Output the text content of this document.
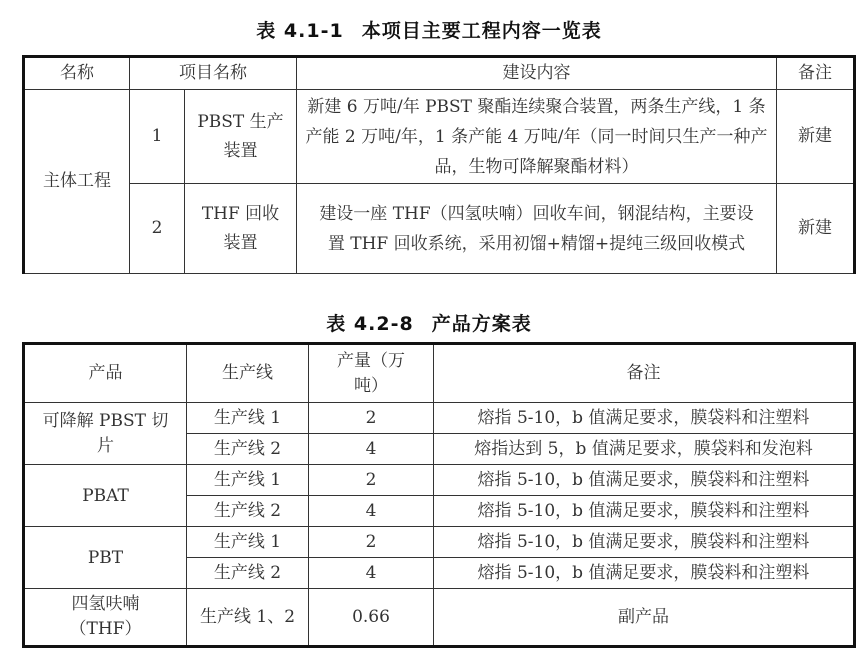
表 4.1-1 本项目主要工程内容一览表
名称	项目名称		建设内容	备注
主体工程	1	PBST 生产装置	新建 6 万吨/年 PBST 聚酯连续聚合装置，两条生产线，1 条产能 2 万吨/年，1 条产能 4 万吨/年（同一时间只生产一种产品，生物可降解聚酯材料）	新建
	2	THF 回收装置	建设一座 THF（四氢呋喃）回收车间，钢混结构，主要设置 THF 回收系统，采用初馏+精馏+提纯三级回收模式	新建
表 4.2-8 产品方案表
产品	生产线	产量（万吨）	备注
可降解 PBST 切片	生产线 1	2	熔指 5-10，b 值满足要求，膜袋料和注塑料
	生产线 2	4	熔指达到 5，b 值满足要求，膜袋料和发泡料
PBAT	生产线 1	2	熔指 5-10，b 值满足要求，膜袋料和注塑料
	生产线 2	4	熔指 5-10，b 值满足要求，膜袋料和注塑料
PBT	生产线 1	2	熔指 5-10，b 值满足要求，膜袋料和注塑料
	生产线 2	4	熔指 5-10，b 值满足要求，膜袋料和注塑料
四氢呋喃（THF）	生产线 1、2	0.66	副产品
